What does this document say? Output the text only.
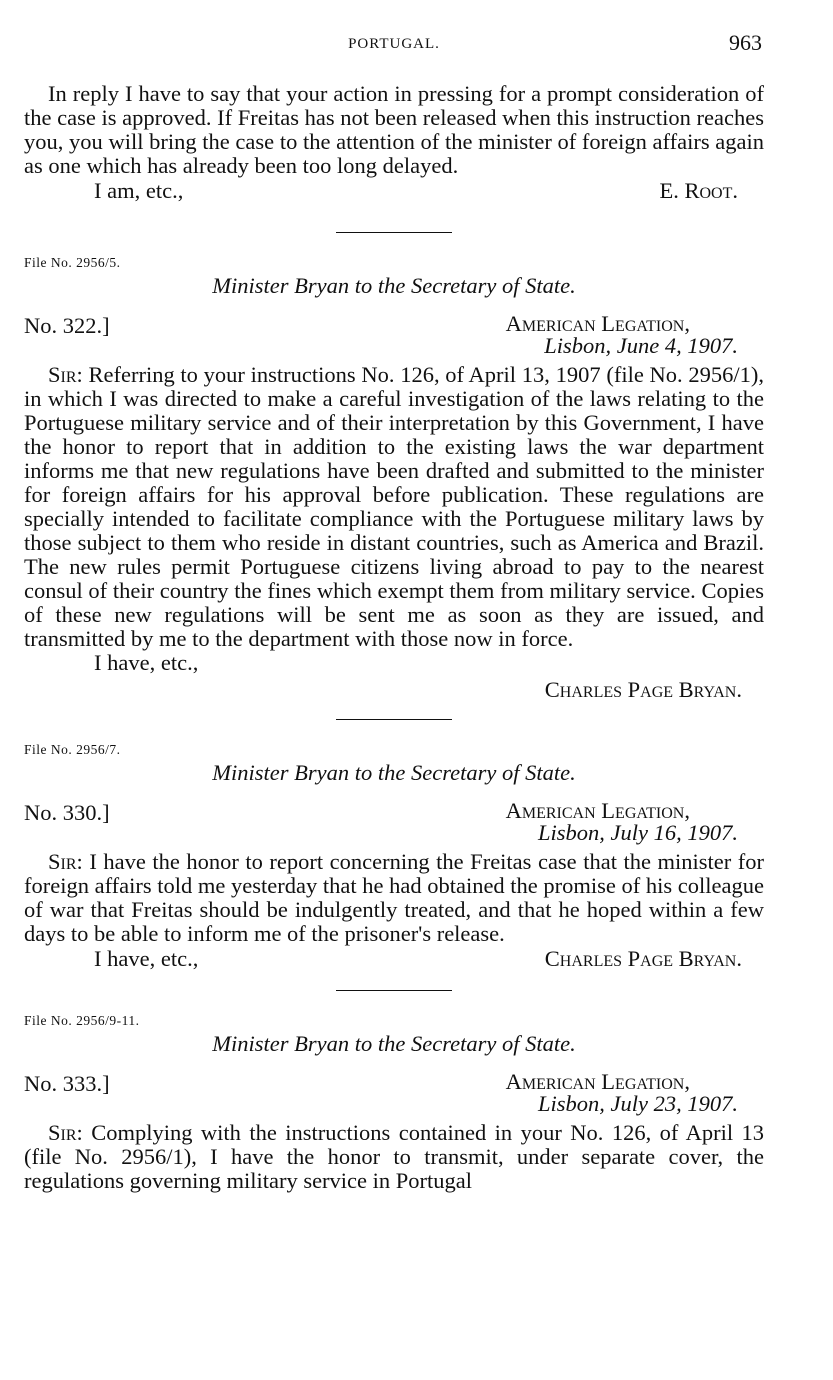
PORTUGAL.	963

In reply I have to say that your action in pressing for a prompt consideration of the case is approved. If Freitas has not been released when this instruction reaches you, you will bring the case to the attention of the minister of foreign affairs again as one which has already been too long delayed.

I am, etc.,	E. Root.
File No. 2956/5.
Minister Bryan to the Secretary of State.
No. 322.]	American Legation,
Lisbon, June 4, 1907.

Sir: Referring to your instructions No. 126, of April 13, 1907 (file No. 2956/1), in which I was directed to make a careful investigation of the laws relating to the Portuguese military service and of their interpretation by this Government, I have the honor to report that in addition to the existing laws the war department informs me that new regulations have been drafted and submitted to the minister for foreign affairs for his approval before publication. These regulations are specially intended to facilitate compliance with the Portuguese military laws by those subject to them who reside in distant countries, such as America and Brazil. The new rules permit Portuguese citizens living abroad to pay to the nearest consul of their country the fines which exempt them from military service. Copies of these new regulations will be sent me as soon as they are issued, and transmitted by me to the department with those now in force.

I have, etc.,
Charles Page Bryan.
File No. 2956/7.
Minister Bryan to the Secretary of State.
No. 330.]	American Legation,
Lisbon, July 16, 1907.

Sir: I have the honor to report concerning the Freitas case that the minister for foreign affairs told me yesterday that he had obtained the promise of his colleague of war that Freitas should be indulgently treated, and that he hoped within a few days to be able to inform me of the prisoner's release.

I have, etc.,	Charles Page Bryan.
File No. 2956/9-11.
Minister Bryan to the Secretary of State.
No. 333.]	American Legation,
Lisbon, July 23, 1907.

Sir: Complying with the instructions contained in your No. 126, of April 13 (file No. 2956/1), I have the honor to transmit, under separate cover, the regulations governing military service in Portugal
